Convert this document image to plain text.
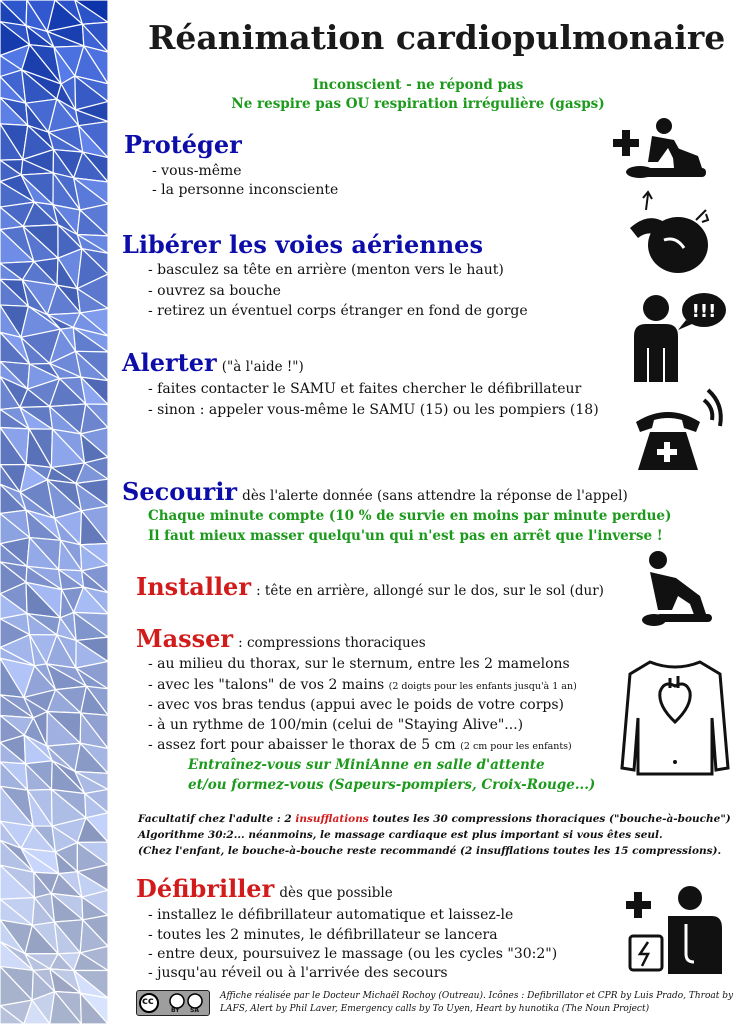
Réanimation cardiopulmonaire
Inconscient - ne répond pas
Ne respire pas OU respiration irrégulière (gasps)
Protéger
- vous-même
- la personne inconsciente
Libérer les voies aériennes
- basculez sa tête en arrière (menton vers le haut)
- ouvrez sa bouche
- retirez un éventuel corps étranger en fond de gorge
Alerter ("à l'aide !")
- faites contacter le SAMU et faites chercher le défibrillateur
- sinon : appeler vous-même le SAMU (15) ou les pompiers (18)
Secourir dès l'alerte donnée (sans attendre la réponse de l'appel)
Chaque minute compte (10 % de survie en moins par minute perdue)
Il faut mieux masser quelqu'un qui n'est pas en arrêt que l'inverse !
Installer : tête en arrière, allongé sur le dos, sur le sol (dur)
Masser : compressions thoraciques
- au milieu du thorax, sur le sternum, entre les 2 mamelons
- avec les "talons" de vos 2 mains (2 doigts pour les enfants jusqu'à 1 an)
- avec vos bras tendus (appui avec le poids de votre corps)
- à un rythme de 100/min (celui de "Staying Alive"...)
- assez fort pour abaisser le thorax de 5 cm (2 cm pour les enfants)
Entraînez-vous sur MiniAnne en salle d'attente
et/ou formez-vous (Sapeurs-pompiers, Croix-Rouge...)
Facultatif chez l'adulte : 2 insufflations toutes les 30 compressions thoraciques ("bouche-à-bouche")
Algorithme 30:2... néanmoins, le massage cardiaque est plus important si vous êtes seul.
(Chez l'enfant, le bouche-à-bouche reste recommandé (2 insufflations toutes les 15 compressions).
Défibriller dès que possible
- installez le défibrillateur automatique et laissez-le
- toutes les 2 minutes, le défibrillateur se lancera
- entre deux, poursuivez le massage (ou les cycles "30:2")
- jusqu'au réveil ou à l'arrivée des secours
cc
BY SA
Affiche réalisée par le Docteur Michaël Rochoy (Outreau). Icônes : Defibrillator et CPR by Luis Prado, Throat by LAFS, Alert by Phil Laver, Emergency calls by To Uyen, Heart by hunotika (The Noun Project)
!!!
